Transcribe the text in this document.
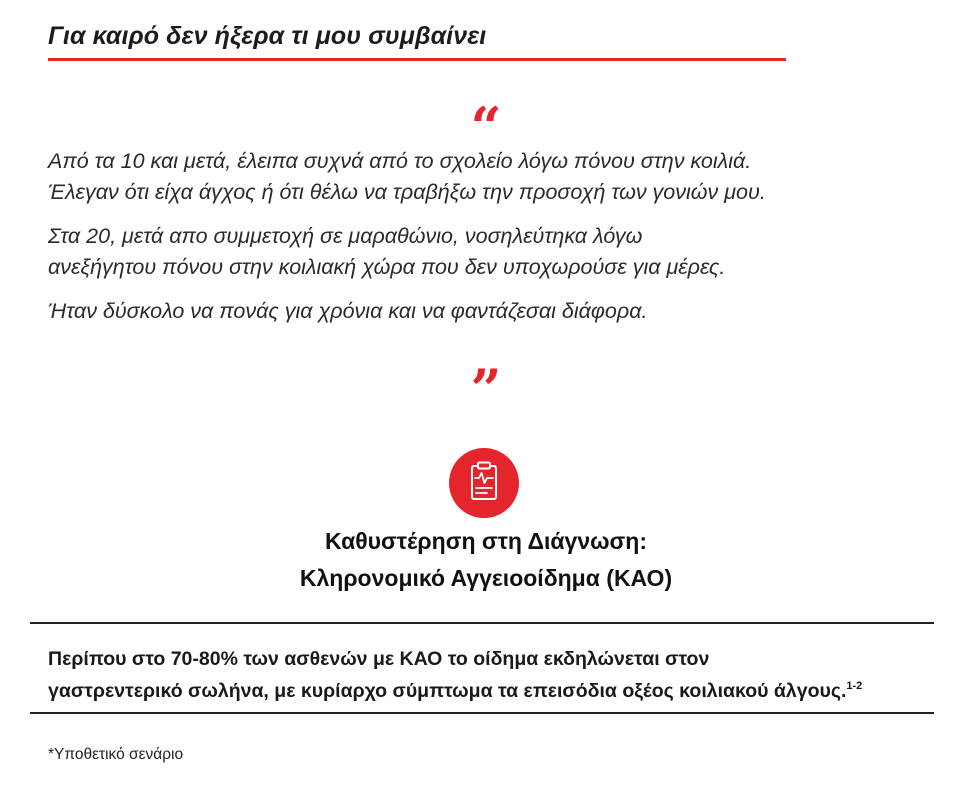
Για καιρό δεν ήξερα τι μου συμβαίνει
“

Από τα 10 και μετά, έλειπα συχνά από το σχολείο λόγω πόνου στην κοιλιά.
Έλεγαν ότι είχα άγχος ή ότι θέλω να τραβήξω την προσοχή των γονιών μου.

Στα 20, μετά απο συμμετοχή σε μαραθώνιο, νοσηλεύτηκα λόγω
ανεξήγητου πόνου στην κοιλιακή χώρα που δεν υποχωρούσε για μέρες.

Ήταν δύσκολο να πονάς για χρόνια και να φαντάζεσαι διάφορα.

”
Καθυστέρηση στη Διάγνωση:
Κληρονομικό Αγγειοοίδημα (ΚΑΟ)
Περίπου στο 70-80% των ασθενών με ΚΑΟ το οίδημα εκδηλώνεται στον
γαστρεντερικό σωλήνα, με κυρίαρχο σύμπτωμα τα επεισόδια οξέος κοιλιακού άλγους.$^{1-2}$
*Υποθετικό σενάριο
